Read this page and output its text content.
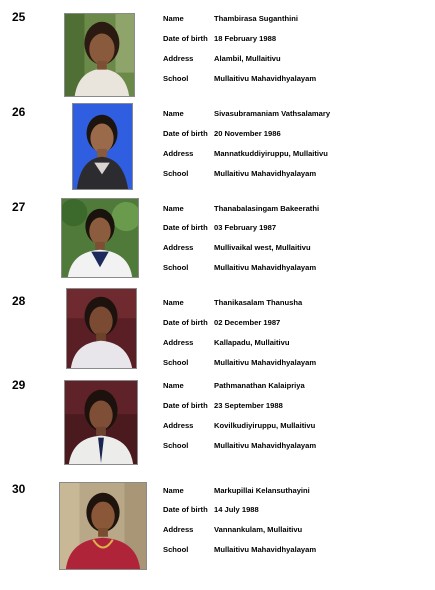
25	Name	Thambirasa Suganthini
Date of birth 18 February 1988
Address	Alambil, Mullaitivu
School	Mullaitivu Mahavidhyalayam
26	Name	Sivasubramaniam Vathsalamary
Date of birth 20 November 1986
Address	Mannatkuddiyiruppu, Mullaitivu
School	Mullaitivu Mahavidhyalayam
27	Name	Thanabalasingam Bakeerathi
Date of birth 03 February 1987
Address	Mullivaikal west, Mullaitivu
School	Mullaitivu Mahavidhyalayam
28	Name	Thanikasalam Thanusha
Date of birth 02 December 1987
Address	Kallapadu, Mullaitivu
School	Mullaitivu Mahavidhyalayam
29	Name	Pathmanathan Kalaipriya
Date of birth 23 September 1988
Address	Kovilkudiyiruppu, Mullaitivu
School	Mullaitivu Mahavidhyalayam
30	Name	Markupillai Kelansuthayini
Date of birth 14 July 1988
Address	Vannankulam, Mullaitivu
School	Mullaitivu Mahavidhyalayam
